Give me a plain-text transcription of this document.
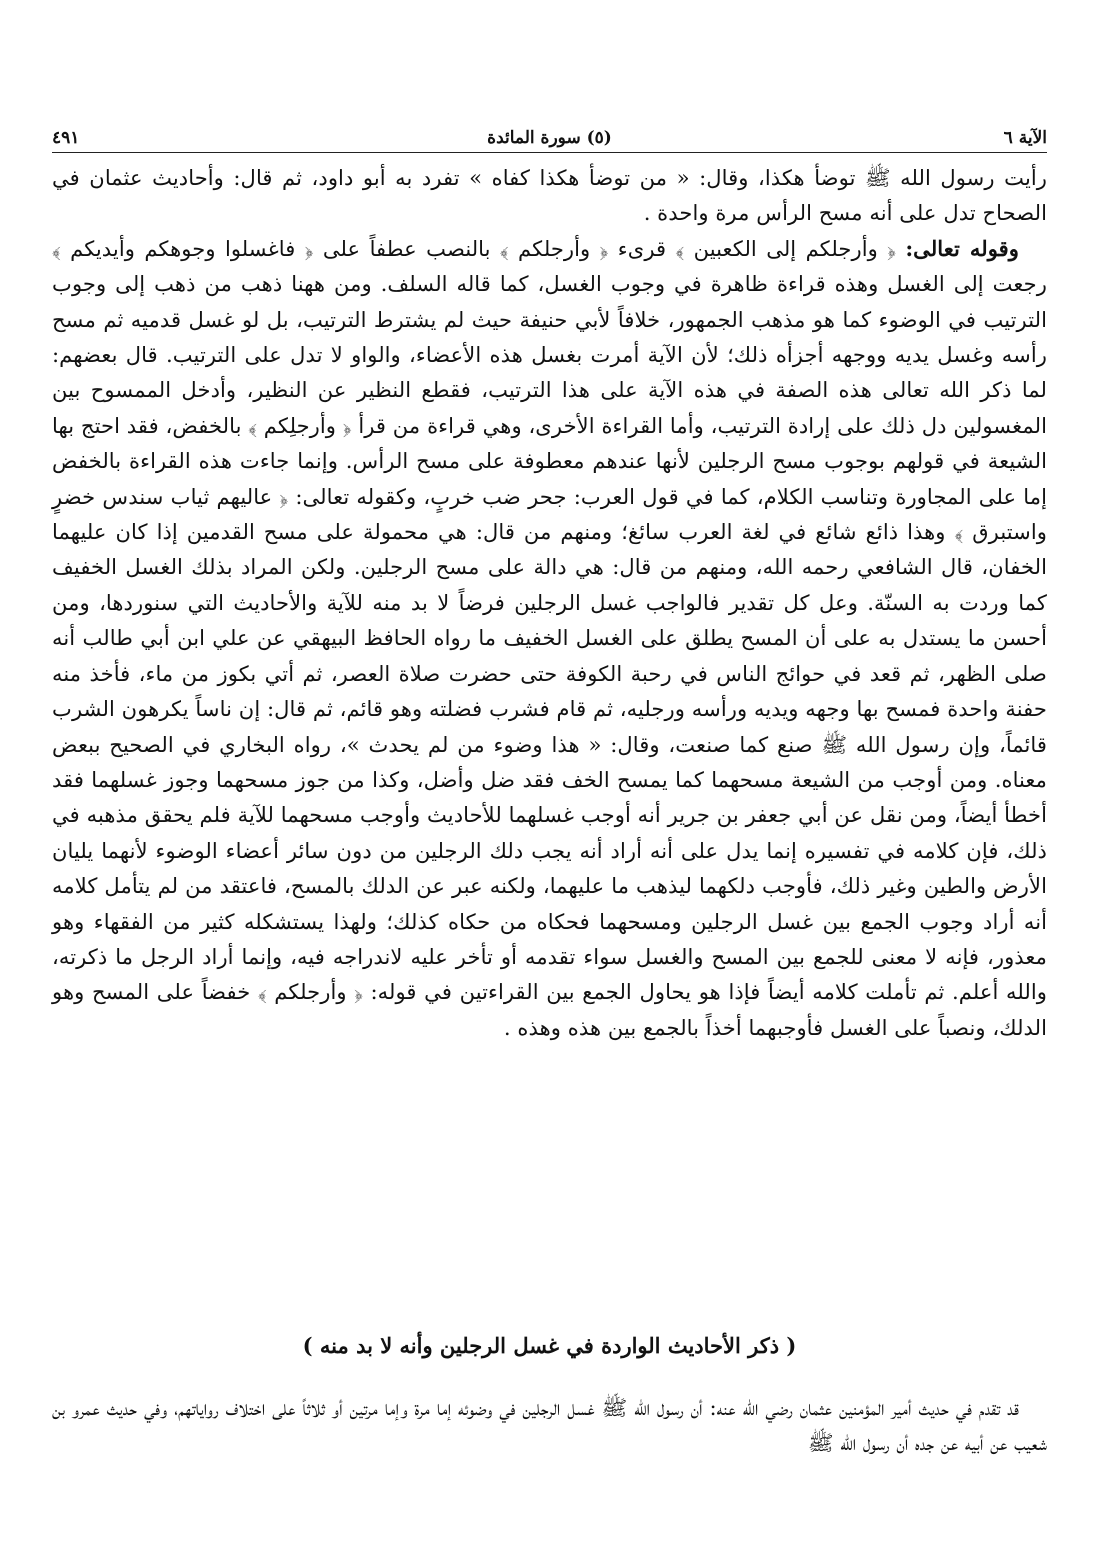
الآية ٦
(٥) سورة المائدة
٤٩١

رأيت رسول الله ﷺ توضأ هكذا، وقال: « من توضأ هكذا كفاه » تفرد به أبو داود، ثم قال: وأحاديث عثمان في الصحاح تدل على أنه مسح الرأس مرة واحدة .

وقوله تعالى: ﴿ وأرجلكم إلى الكعبين ﴾ قرىء ﴿ وأرجلكم ﴾ بالنصب عطفاً على ﴿ فاغسلوا وجوهكم وأيديكم ﴾ رجعت إلى الغسل وهذه قراءة ظاهرة في وجوب الغسل، كما قاله السلف. ومن ههنا ذهب من ذهب إلى وجوب الترتيب في الوضوء كما هو مذهب الجمهور، خلافاً لأبي حنيفة حيث لم يشترط الترتيب، بل لو غسل قدميه ثم مسح رأسه وغسل يديه ووجهه أجزأه ذلك؛ لأن الآية أمرت بغسل هذه الأعضاء، والواو لا تدل على الترتيب. قال بعضهم: لما ذكر الله تعالى هذه الصفة في هذه الآية على هذا الترتيب، فقطع النظير عن النظير، وأدخل الممسوح بين المغسولين دل ذلك على إرادة الترتيب، وأما القراءة الأخرى، وهي قراءة من قرأ ﴿ وأرجلِكم ﴾ بالخفض، فقد احتج بها الشيعة في قولهم بوجوب مسح الرجلين لأنها عندهم معطوفة على مسح الرأس. وإنما جاءت هذه القراءة بالخفض إما على المجاورة وتناسب الكلام، كما في قول العرب: جحر ضب خربٍ، وكقوله تعالى: ﴿ عاليهم ثياب سندس خضرٍ واستبرق ﴾ وهذا ذائع شائع في لغة العرب سائغ؛ ومنهم من قال: هي محمولة على مسح القدمين إذا كان عليهما الخفان، قال الشافعي رحمه الله، ومنهم من قال: هي دالة على مسح الرجلين. ولكن المراد بذلك الغسل الخفيف كما وردت به السنّة. وعل كل تقدير فالواجب غسل الرجلين فرضاً لا بد منه للآية والأحاديث التي سنوردها، ومن أحسن ما يستدل به على أن المسح يطلق على الغسل الخفيف ما رواه الحافظ البيهقي عن علي ابن أبي طالب أنه صلى الظهر، ثم قعد في حوائج الناس في رحبة الكوفة حتى حضرت صلاة العصر، ثم أتي بكوز من ماء، فأخذ منه حفنة واحدة فمسح بها وجهه ويديه ورأسه ورجليه، ثم قام فشرب فضلته وهو قائم، ثم قال: إن ناساً يكرهون الشرب قائماً، وإن رسول الله ﷺ صنع كما صنعت، وقال: « هذا وضوء من لم يحدث »، رواه البخاري في الصحيح ببعض معناه. ومن أوجب من الشيعة مسحهما كما يمسح الخف فقد ضل وأضل، وكذا من جوز مسحهما وجوز غسلهما فقد أخطأ أيضاً، ومن نقل عن أبي جعفر بن جرير أنه أوجب غسلهما للأحاديث وأوجب مسحهما للآية فلم يحقق مذهبه في ذلك، فإن كلامه في تفسيره إنما يدل على أنه أراد أنه يجب دلك الرجلين من دون سائر أعضاء الوضوء لأنهما يليان الأرض والطين وغير ذلك، فأوجب دلكهما ليذهب ما عليهما، ولكنه عبر عن الدلك بالمسح، فاعتقد من لم يتأمل كلامه أنه أراد وجوب الجمع بين غسل الرجلين ومسحهما فحكاه من حكاه كذلك؛ ولهذا يستشكله كثير من الفقهاء وهو معذور، فإنه لا معنى للجمع بين المسح والغسل سواء تقدمه أو تأخر عليه لاندراجه فيه، وإنما أراد الرجل ما ذكرته، والله أعلم. ثم تأملت كلامه أيضاً فإذا هو يحاول الجمع بين القراءتين في قوله: ﴿ وأرجلكم ﴾ خفضاً على المسح وهو الدلك، ونصباً على الغسل فأوجبهما أخذاً بالجمع بين هذه وهذه .

( ذكر الأحاديث الواردة في غسل الرجلين وأنه لا بد منه )

قد تقدم في حديث أمير المؤمنين عثمان رضي الله عنه: أن رسول الله ﷺ غسل الرجلين في وضوئه إما مرة وإما مرتين أو ثلاثاً على اختلاف رواياتهم، وفي حديث عمرو بن شعيب عن أبيه عن جده أن رسول الله ﷺ
